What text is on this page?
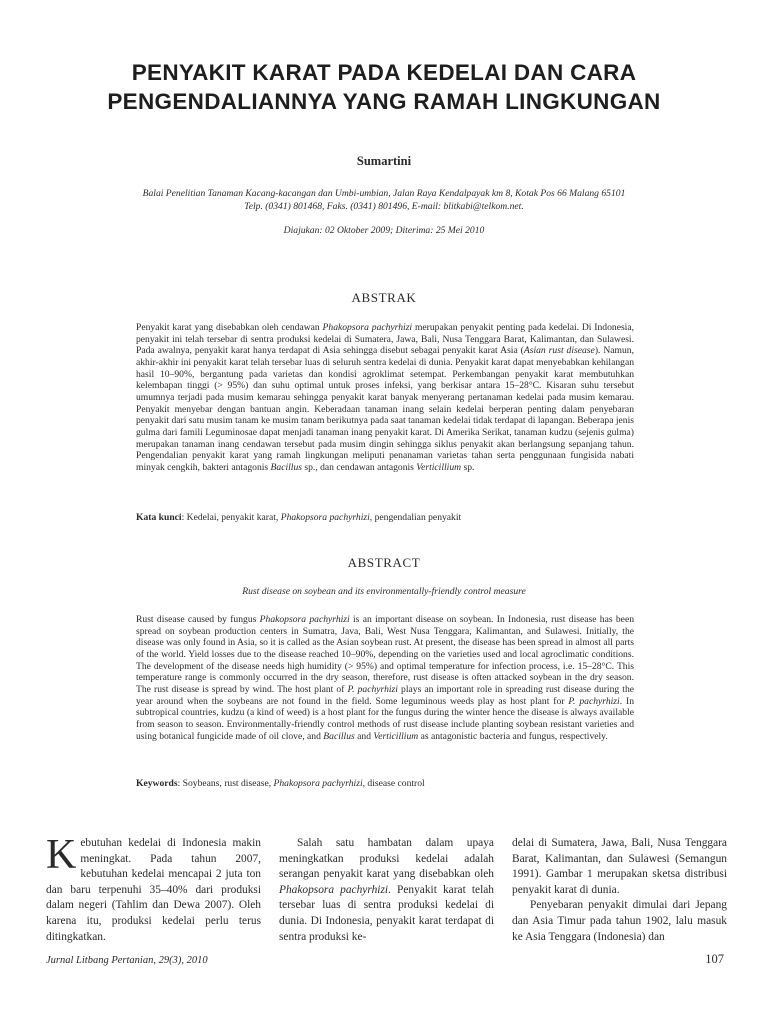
PENYAKIT KARAT PADA KEDELAI DAN CARA
PENGENDALIANNYA YANG RAMAH LINGKUNGAN
Sumartini
Balai Penelitian Tanaman Kacang-kacangan dan Umbi-umbian, Jalan Raya Kendalpayak km 8, Kotak Pos 66 Malang 65101
Telp. (0341) 801468, Faks. (0341) 801496, E-mail: blitkabi@telkom.net.
Diajukan: 02 Oktober 2009; Diterima: 25 Mei 2010
ABSTRAK

Penyakit karat yang disebabkan oleh cendawan Phakopsora pachyrhizi merupakan penyakit penting pada kedelai. Di Indonesia, penyakit ini telah tersebar di sentra produksi kedelai di Sumatera, Jawa, Bali, Nusa Tenggara Barat, Kalimantan, dan Sulawesi. Pada awalnya, penyakit karat hanya terdapat di Asia sehingga disebut sebagai penyakit karat Asia (Asian rust disease). Namun, akhir-akhir ini penyakit karat telah tersebar luas di seluruh sentra kedelai di dunia. Penyakit karat dapat menyebabkan kehilangan hasil 10–90%, bergantung pada varietas dan kondisi agroklimat setempat. Perkembangan penyakit karat membutuhkan kelembapan tinggi (> 95%) dan suhu optimal untuk proses infeksi, yang berkisar antara 15–28°C. Kisaran suhu tersebut umumnya terjadi pada musim kemarau sehingga penyakit karat banyak menyerang pertanaman kedelai pada musim kemarau. Penyakit menyebar dengan bantuan angin. Keberadaan tanaman inang selain kedelai berperan penting dalam penyebaran penyakit dari satu musim tanam ke musim tanam berikutnya pada saat tanaman kedelai tidak terdapat di lapangan. Beberapa jenis gulma dari famili Leguminosae dapat menjadi tanaman inang penyakit karat. Di Amerika Serikat, tanaman kudzu (sejenis gulma) merupakan tanaman inang cendawan tersebut pada musim dingin sehingga siklus penyakit akan berlangsung sepanjang tahun. Pengendalian penyakit karat yang ramah lingkungan meliputi penanaman varietas tahan serta penggunaan fungisida nabati minyak cengkih, bakteri antagonis Bacillus sp., dan cendawan antagonis Verticillium sp.

Kata kunci: Kedelai, penyakit karat, Phakopsora pachyrhizi, pengendalian penyakit
ABSTRACT
Rust disease on soybean and its environmentally-friendly control measure

Rust disease caused by fungus Phakopsora pachyrhizi is an important disease on soybean. In Indonesia, rust disease has been spread on soybean production centers in Sumatra, Java, Bali, West Nusa Tenggara, Kalimantan, and Sulawesi. Initially, the disease was only found in Asia, so it is called as the Asian soybean rust. At present, the disease has been spread in almost all parts of the world. Yield losses due to the disease reached 10–90%, depending on the varieties used and local agroclimatic conditions. The development of the disease needs high humidity (> 95%) and optimal temperature for infection process, i.e. 15–28°C. This temperature range is commonly occurred in the dry season, therefore, rust disease is often attacked soybean in the dry season. The rust disease is spread by wind. The host plant of P. pachyrhizi plays an important role in spreading rust disease during the year around when the soybeans are not found in the field. Some leguminous weeds play as host plant for P. pachyrhizi. In subtropical countries, kudzu (a kind of weed) is a host plant for the fungus during the winter hence the disease is always available from season to season. Environmentally-friendly control methods of rust disease include planting soybean resistant varieties and using botanical fungicide made of oil clove, and Bacillus and Verticillium as antagonistic bacteria and fungus, respectively.

Keywords: Soybeans, rust disease, Phakopsora pachyrhizi, disease control

Kebutuhan kedelai di Indonesia makin meningkat. Pada tahun 2007, kebutuhan kedelai mencapai 2 juta ton dan baru terpenuhi 35–40% dari produksi dalam negeri (Tahlim dan Dewa 2007). Oleh karena itu, produksi kedelai perlu terus ditingkatkan.

Salah satu hambatan dalam upaya meningkatkan produksi kedelai adalah serangan penyakit karat yang disebabkan oleh Phakopsora pachyrhizi. Penyakit karat telah tersebar luas di sentra produksi kedelai di dunia. Di Indonesia, penyakit karat terdapat di sentra produksi ke-

delai di Sumatera, Jawa, Bali, Nusa Tenggara Barat, Kalimantan, dan Sulawesi (Semangun 1991). Gambar 1 merupakan sketsa distribusi penyakit karat di dunia.

Penyebaran penyakit dimulai dari Jepang dan Asia Timur pada tahun 1902, lalu masuk ke Asia Tenggara (Indonesia) dan

Jurnal Litbang Pertanian, 29(3), 2010	107
